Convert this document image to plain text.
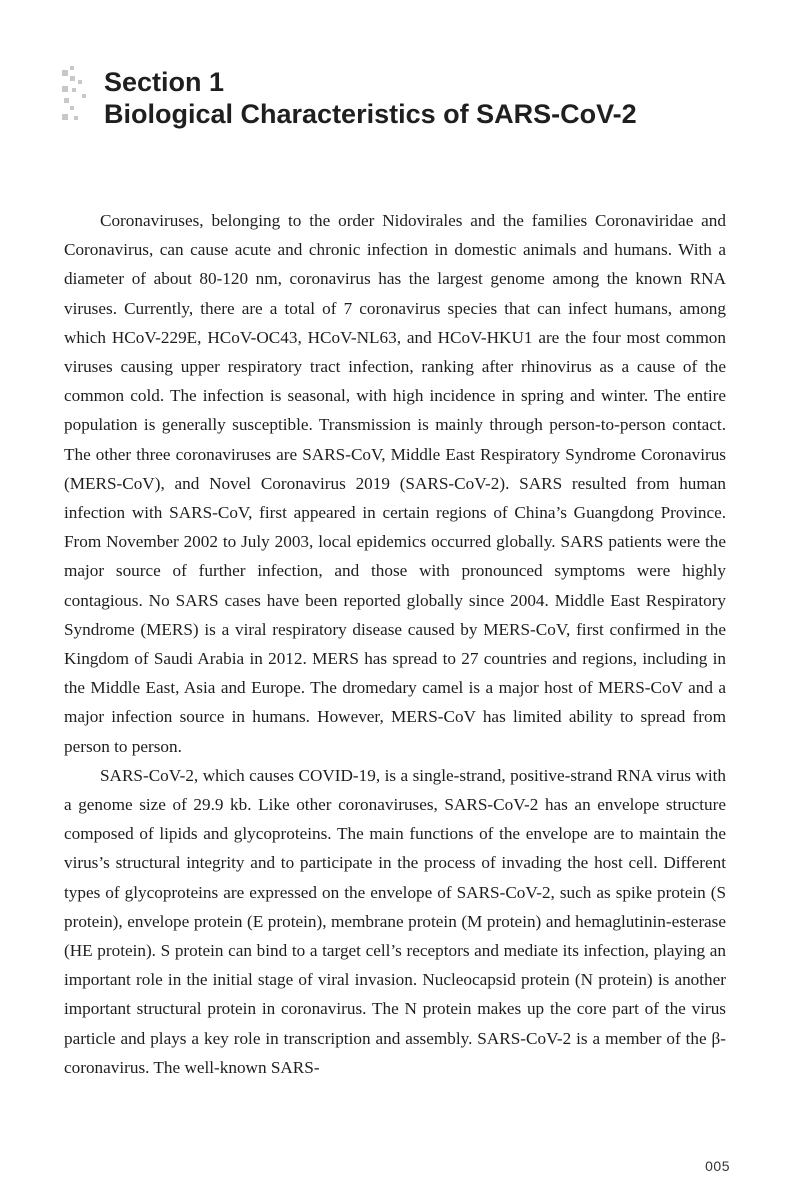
Section 1
Biological Characteristics of SARS-CoV-2

Coronaviruses, belonging to the order Nidovirales and the families Coronaviridae and Coronavirus, can cause acute and chronic infection in domestic animals and humans. With a diameter of about 80-120 nm, coronavirus has the largest genome among the known RNA viruses. Currently, there are a total of 7 coronavirus species that can infect humans, among which HCoV-229E, HCoV-OC43, HCoV-NL63, and HCoV-HKU1 are the four most common viruses causing upper respiratory tract infection, ranking after rhinovirus as a cause of the common cold. The infection is seasonal, with high incidence in spring and winter. The entire population is generally susceptible. Transmission is mainly through person-to-person contact. The other three coronaviruses are SARS-CoV, Middle East Respiratory Syndrome Coronavirus (MERS-CoV), and Novel Coronavirus 2019 (SARS-CoV-2). SARS resulted from human infection with SARS-CoV, first appeared in certain regions of China’s Guangdong Province. From November 2002 to July 2003, local epidemics occurred globally. SARS patients were the major source of further infection, and those with pronounced symptoms were highly contagious. No SARS cases have been reported globally since 2004. Middle East Respiratory Syndrome (MERS) is a viral respiratory disease caused by MERS-CoV, first confirmed in the Kingdom of Saudi Arabia in 2012. MERS has spread to 27 countries and regions, including in the Middle East, Asia and Europe. The dromedary camel is a major host of MERS-CoV and a major infection source in humans. However, MERS-CoV has limited ability to spread from person to person.

SARS-CoV-2, which causes COVID-19, is a single-strand, positive-strand RNA virus with a genome size of 29.9 kb. Like other coronaviruses, SARS-CoV-2 has an envelope structure composed of lipids and glycoproteins. The main functions of the envelope are to maintain the virus’s structural integrity and to participate in the process of invading the host cell. Different types of glycoproteins are expressed on the envelope of SARS-CoV-2, such as spike protein (S protein), envelope protein (E protein), membrane protein (M protein) and hemaglutinin-esterase (HE protein). S protein can bind to a target cell’s receptors and mediate its infection, playing an important role in the initial stage of viral invasion. Nucleocapsid protein (N protein) is another important structural protein in coronavirus. The N protein makes up the core part of the virus particle and plays a key role in transcription and assembly. SARS-CoV-2 is a member of the β-coronavirus. The well-known SARS-

005
